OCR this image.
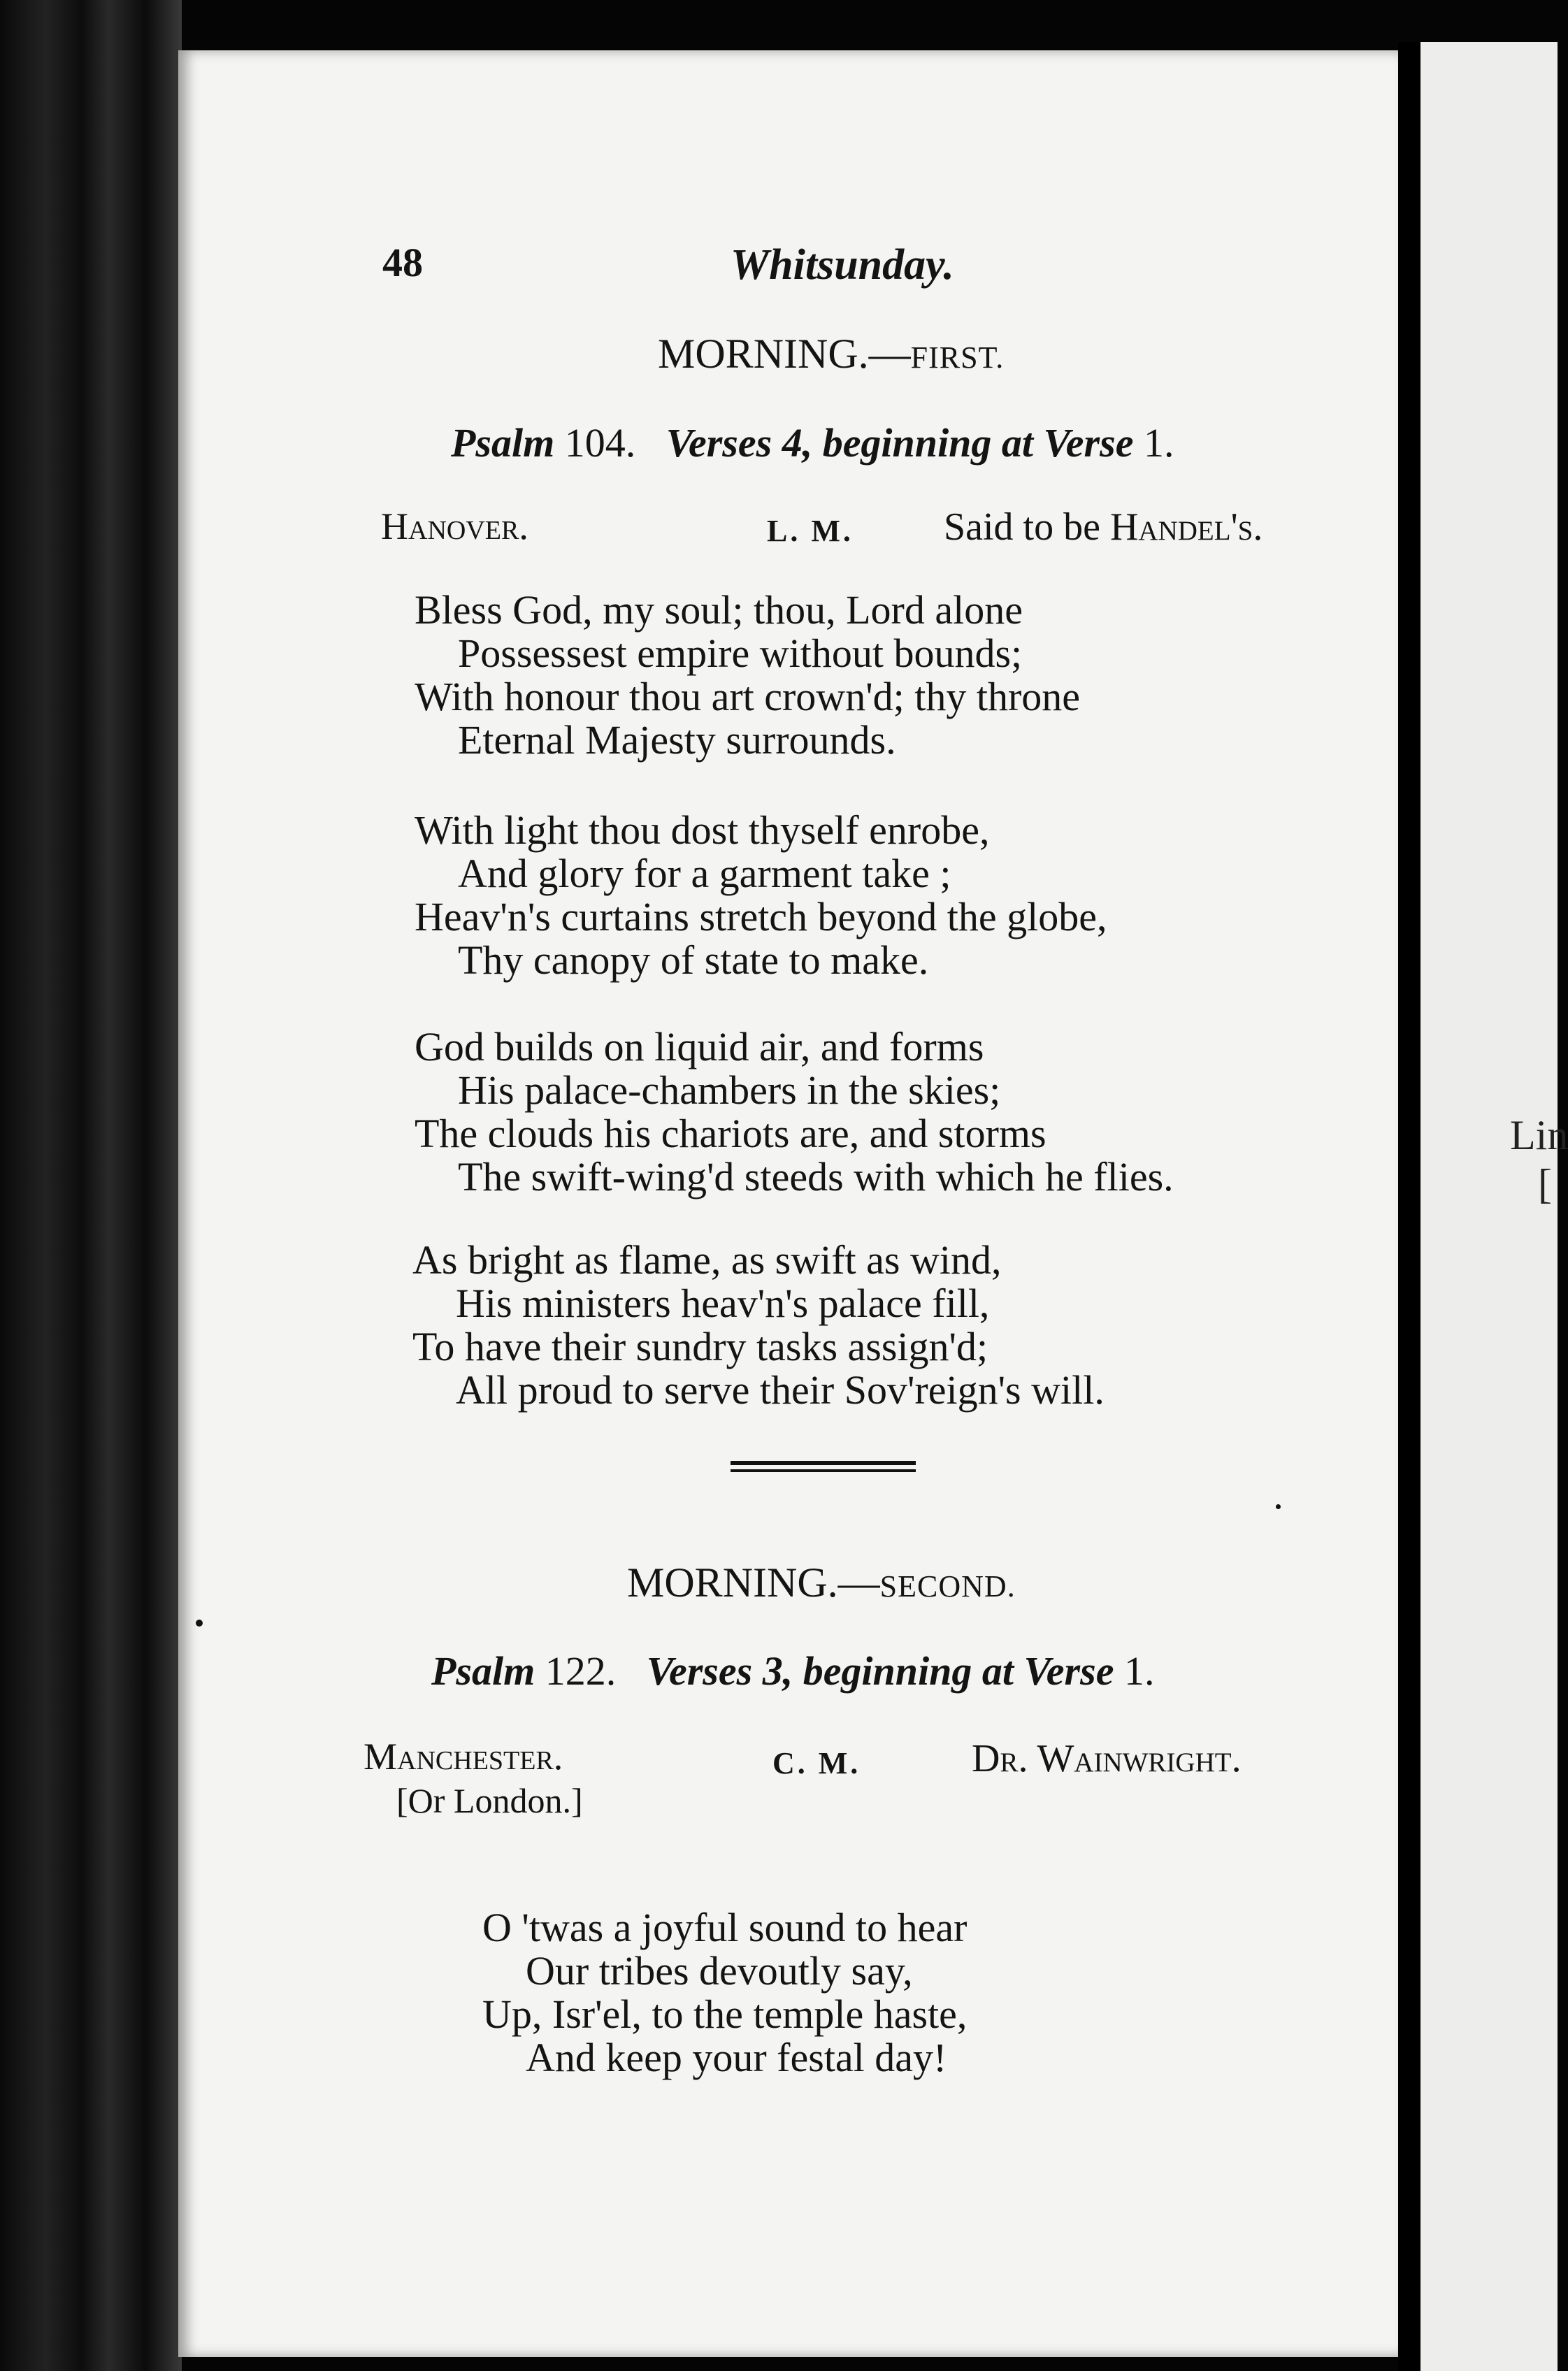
48	Whitsunday.
MORNING.—FIRST.
Psalm 104. Verses 4, beginning at Verse 1.
Hanover.	L. M. Said to be Handel's.
Bless God, my soul; thou, Lord alone
Possessest empire without bounds;
With honour thou art crown'd; thy throne
Eternal Majesty surrounds.
With light thou dost thyself enrobe,
And glory for a garment take ;
Heav'n's curtains stretch beyond the globe,
Thy canopy of state to make.
God builds on liquid air, and forms
His palace-chambers in the skies;
The clouds his chariots are, and storms
The swift-wing'd steeds with which he flies.
As bright as flame, as swift as wind,
His ministers heav'n's palace fill,
To have their sundry tasks assign'd;
All proud to serve their Sov'reign's will.
MORNING.—SECOND.
Psalm 122. Verses 3, beginning at Verse 1.
Manchester.
[Or London.]
C. M.	Dr. Wainwright.
O 'twas a joyful sound to hear
Our tribes devoutly say,
Up, Isr'el, to the temple haste,
And keep your festal day!
Lin
[
